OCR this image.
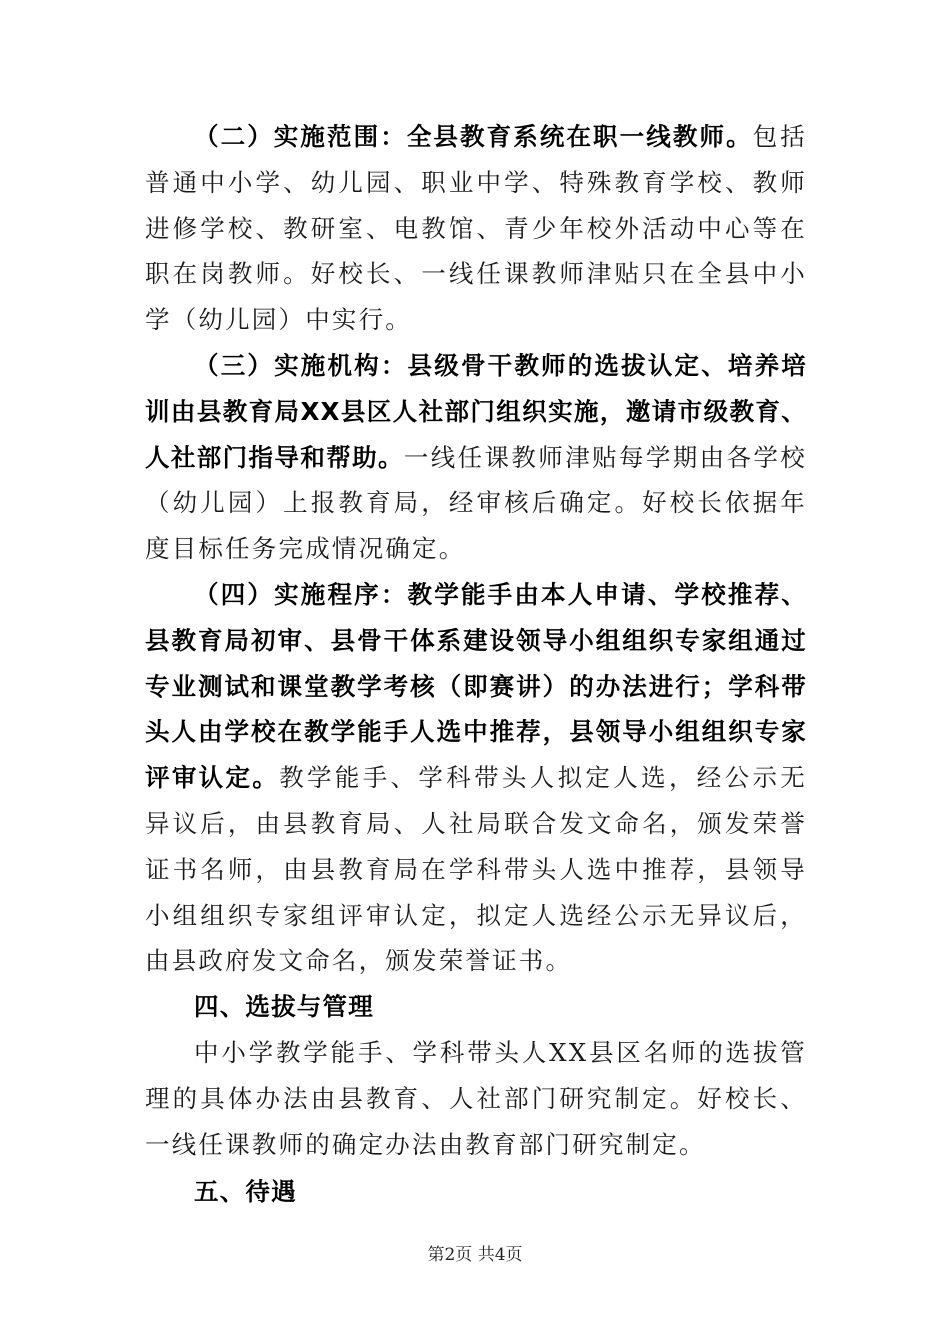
（二）实施范围：全县教育系统在职一线教师。包括普通中小学、幼儿园、职业中学、特殊教育学校、教师进修学校、教研室、电教馆、青少年校外活动中心等在职在岗教师。好校长、一线任课教师津贴只在全县中小学（幼儿园）中实行。

（三）实施机构：县级骨干教师的选拔认定、培养培训由县教育局XX县区人社部门组织实施，邀请市级教育、人社部门指导和帮助。一线任课教师津贴每学期由各学校（幼儿园）上报教育局，经审核后确定。好校长依据年度目标任务完成情况确定。

（四）实施程序：教学能手由本人申请、学校推荐、县教育局初审、县骨干体系建设领导小组组织专家组通过专业测试和课堂教学考核（即赛讲）的办法进行；学科带头人由学校在教学能手人选中推荐，县领导小组组织专家评审认定。教学能手、学科带头人拟定人选，经公示无异议后，由县教育局、人社局联合发文命名，颁发荣誉证书名师，由县教育局在学科带头人选中推荐，县领导小组组织专家组评审认定，拟定人选经公示无异议后，由县政府发文命名，颁发荣誉证书。

四、选拔与管理

中小学教学能手、学科带头人XX县区名师的选拔管理的具体办法由县教育、人社部门研究制定。好校长、一线任课教师的确定办法由教育部门研究制定。

五、待遇

第2页 共4页
